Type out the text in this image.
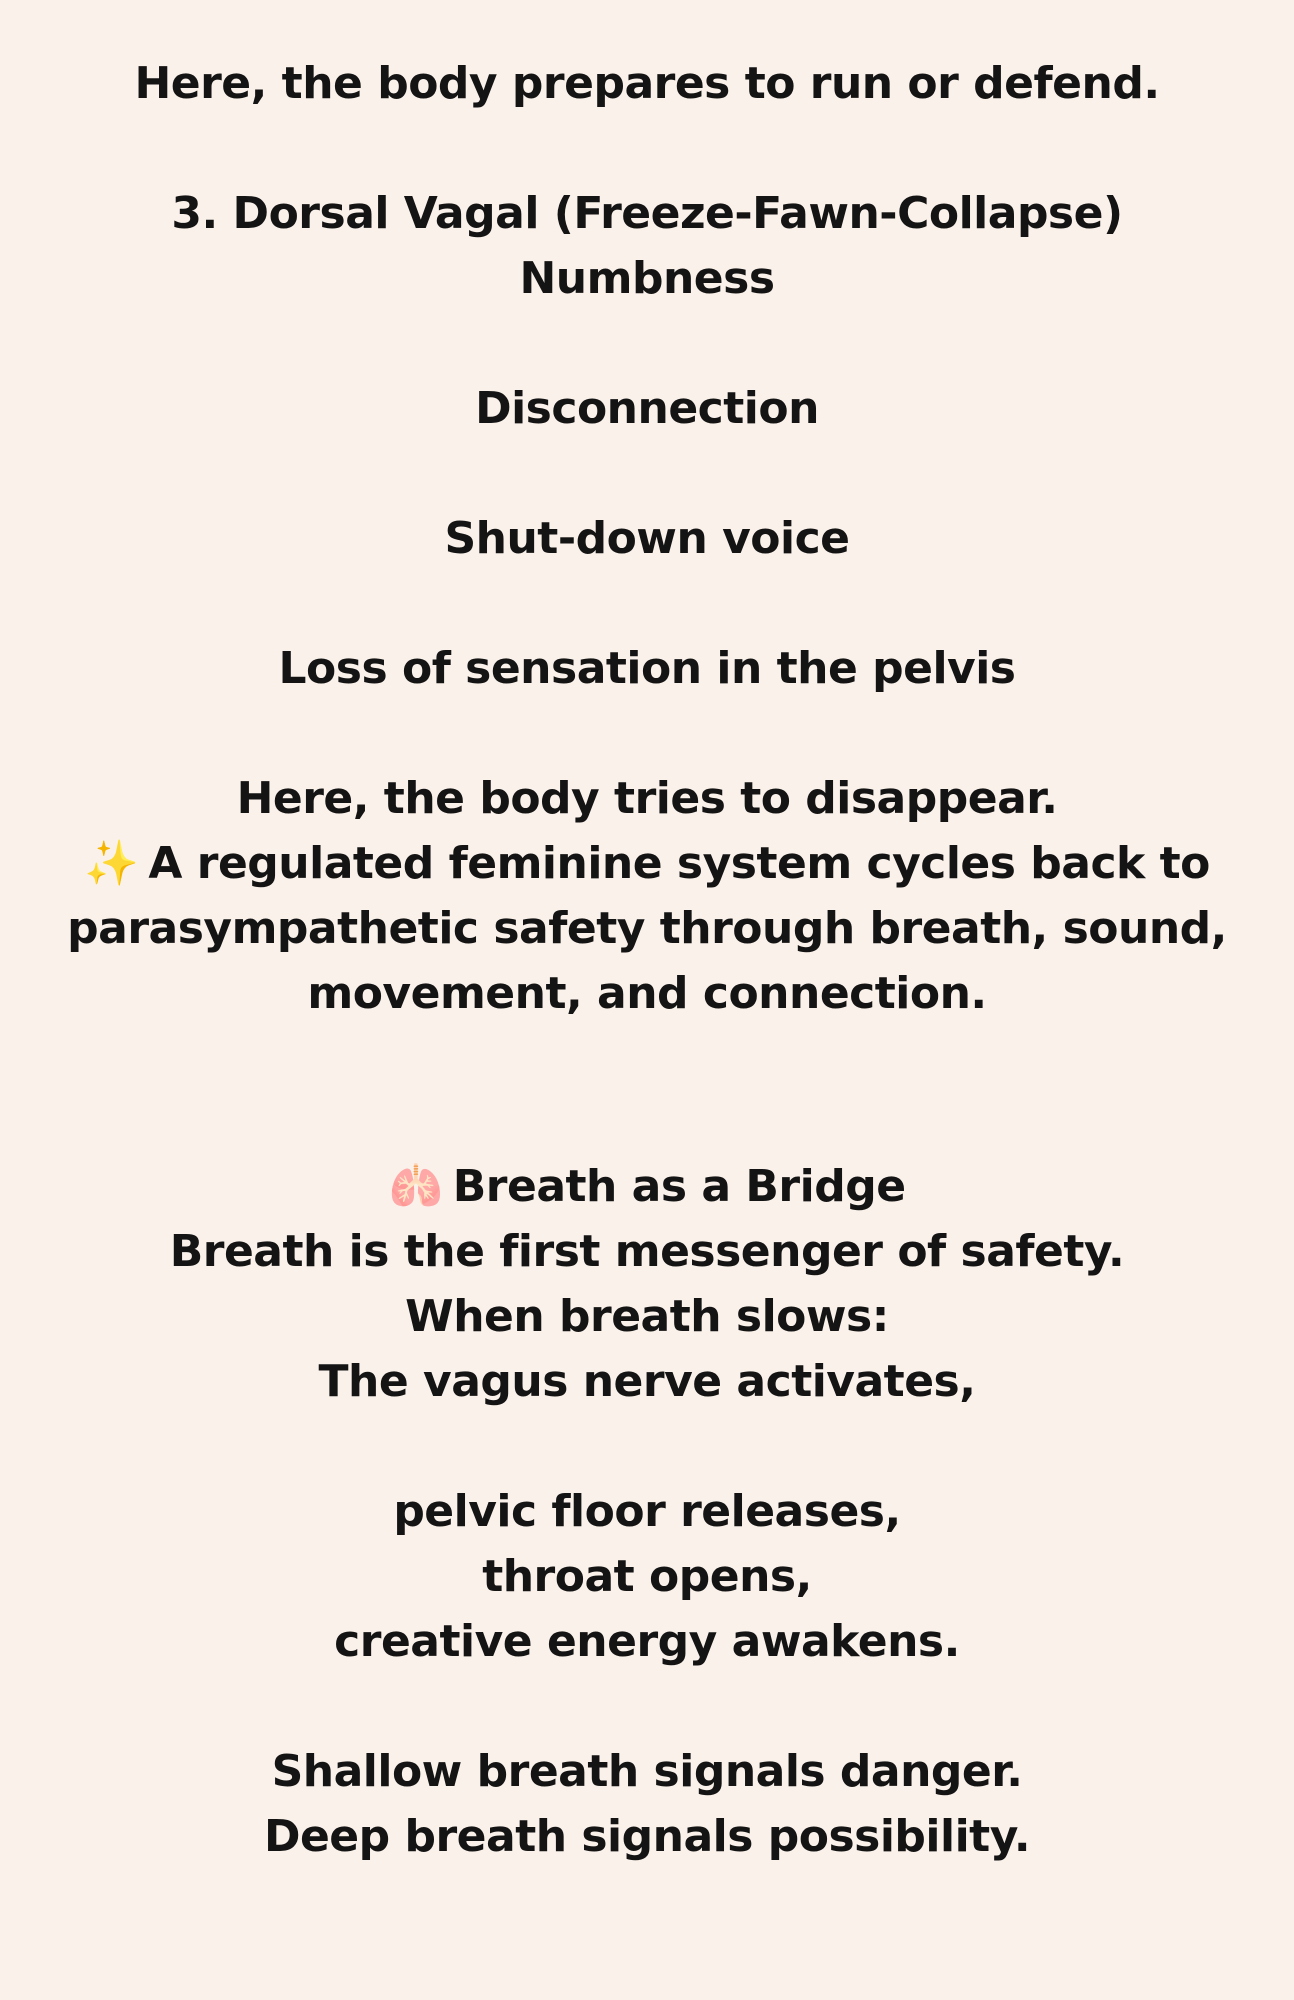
Here, the body prepares to run or defend.
3. Dorsal Vagal (Freeze-Fawn-Collapse)
Numbness
Disconnection
Shut-down voice
Loss of sensation in the pelvis
Here, the body tries to disappear.
✨ A regulated feminine system cycles back to
parasympathetic safety through breath, sound,
movement, and connection.
🫁 Breath as a Bridge
Breath is the first messenger of safety.
When breath slows:
The vagus nerve activates,
pelvic floor releases,
throat opens,
creative energy awakens.
Shallow breath signals danger.
Deep breath signals possibility.
